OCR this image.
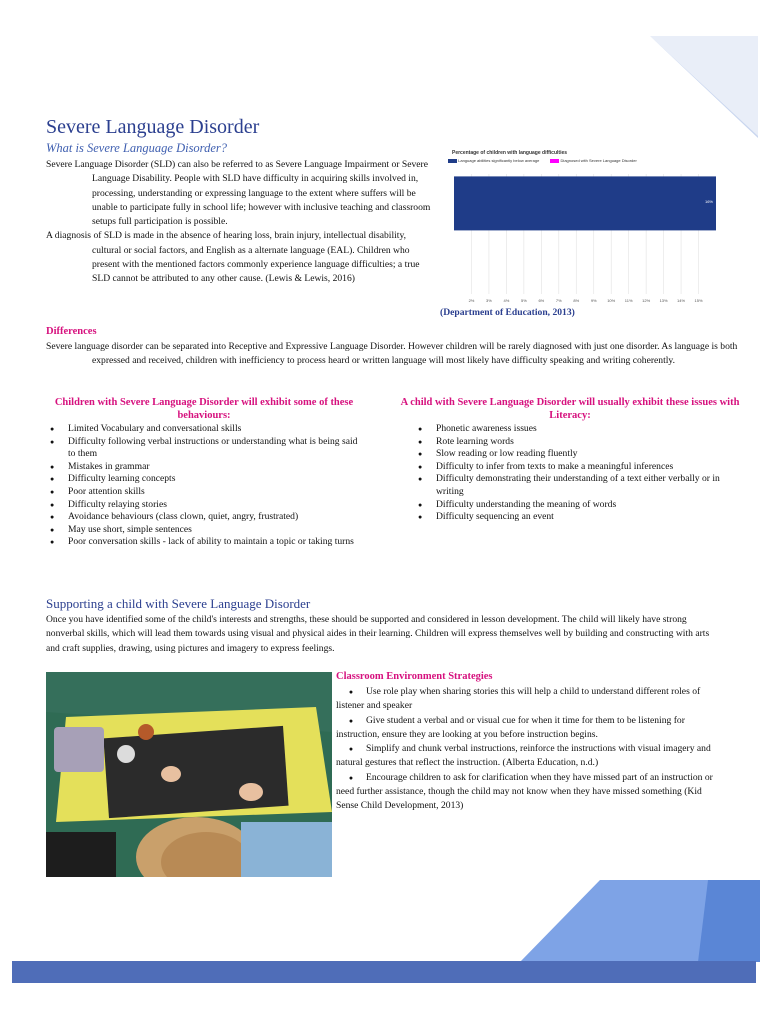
Severe Language Disorder
What is Severe Language Disorder?
Severe Language Disorder (SLD) can also be referred to as Severe Language Impairment or Severe Language Disability. People with SLD have difficulty in acquiring skills involved in, processing, understanding or expressing language to the extent where suffers will be unable to participate fully in school life; however with inclusive teaching and classroom setups full participation is possible.
A diagnosis of SLD is made in the absence of hearing loss, brain injury, intellectual disability, cultural or social factors, and English as a alternate language (EAL). Children who present with the mentioned factors commonly experience language difficulties; a true SLD cannot be attributed to any other cause. (Lewis & Lewis, 2016)
Percentage of children with language difficulties
Language abilities significantly below average	Diagnosed with Severe Language Disorder
2%	3%	4%	5%	6%	7%	8%	9%	10% 11% 12% 13% 14% 15%
16%
(Department of Education, 2013)
Differences
Severe language disorder can be separated into Receptive and Expressive Language Disorder. However children will be rarely diagnosed with just one disorder. As language is both expressed and received, children with inefficiency to process heard or written language will most likely have difficulty speaking and writing coherently.
Children with Severe Language Disorder will exhibit some of these behaviours:
● Limited Vocabulary and conversational skills
● Difficulty following verbal instructions or understanding what is being said to them
● Mistakes in grammar
● Difficulty learning concepts
● Poor attention skills
● Difficulty relaying stories
● Avoidance behaviours (class clown, quiet, angry, frustrated)
● May use short, simple sentences
● Poor conversation skills - lack of ability to maintain a topic or taking turns
A child with Severe Language Disorder will usually exhibit these issues with Literacy:
● Phonetic awareness issues
● Rote learning words
● Slow reading or low reading fluently
● Difficulty to infer from texts to make a meaningful inferences
● Difficulty demonstrating their understanding of a text either verbally or in writing
● Difficulty understanding the meaning of words
● Difficulty sequencing an event
Supporting a child with Severe Language Disorder
Once you have identified some of the child's interests and strengths, these should be supported and considered in lesson development. The child will likely have strong nonverbal skills, which will lead them towards using visual and physical aides in their learning. Children will express themselves well by building and constructing with arts and craft supplies, drawing, using pictures and imagery to express feelings.
Classroom Environment Strategies

● Use role play when sharing stories this will help a child to understand different roles of listener and speaker

● Give student a verbal and or visual cue for when it time for them to be listening for instruction, ensure they are looking at you before instruction begins.

● Simplify and chunk verbal instructions, reinforce the instructions with visual imagery and natural gestures that reflect the instruction. (Alberta Education, n.d.)

● Encourage children to ask for clarification when they have missed part of an instruction or need further assistance, though the child may not know when they have missed something (Kid Sense Child Development, 2013)
